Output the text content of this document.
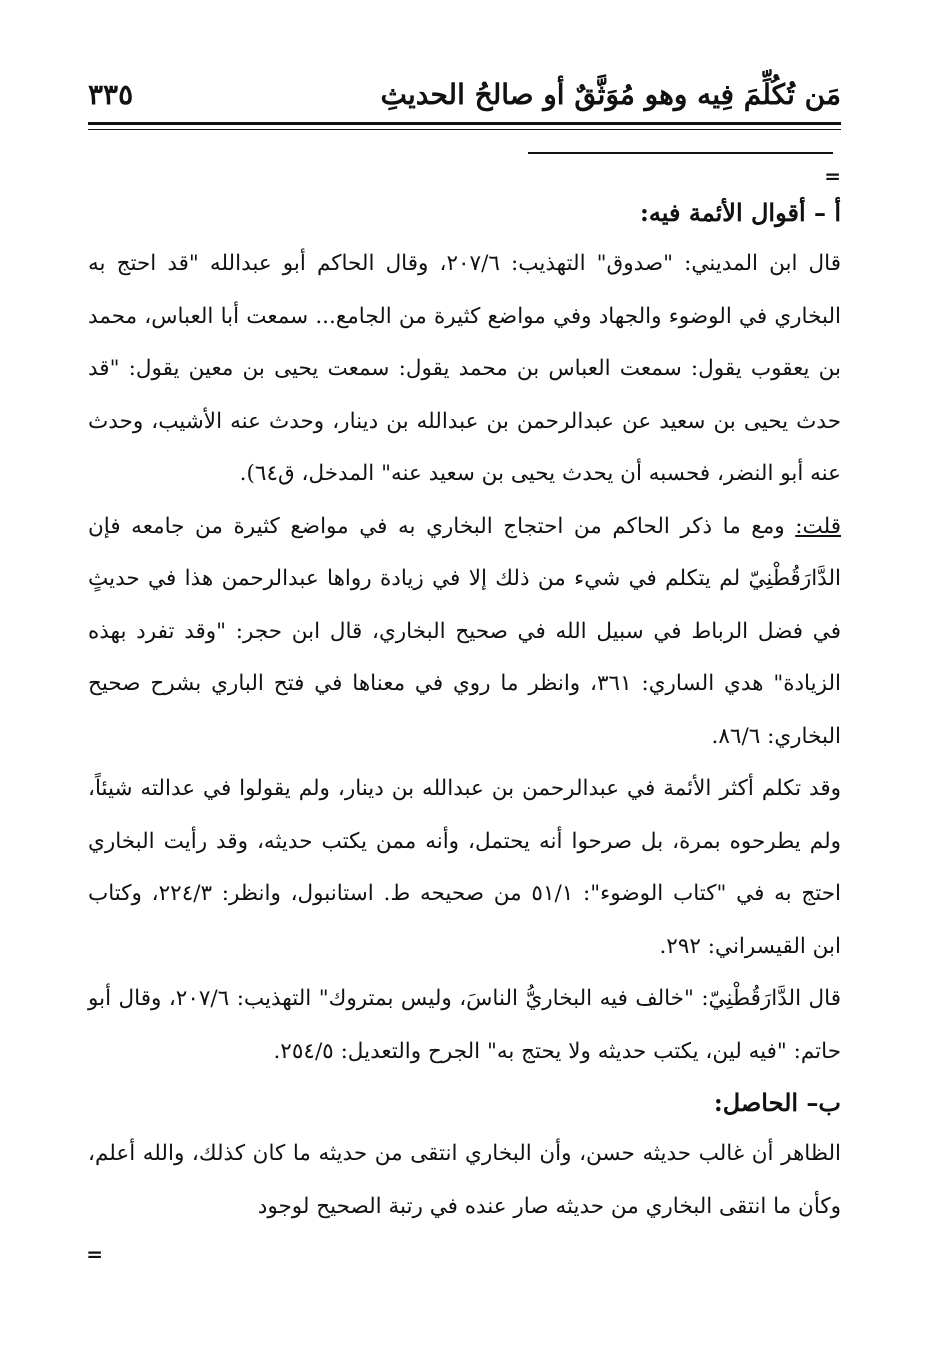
مَن تُكُلِّمَ فِيه وهو مُوَثَّقٌ أو صالحُ الحديثِ
٣٣٥
=
أ – أقوال الأئمة فيه:

قال ابن المديني: "صدوق" التهذيب: ٢٠٧/٦، وقال الحاكم أبو عبدالله "قد احتج به البخاري في الوضوء والجهاد وفي مواضع كثيرة من الجامع... سمعت أبا العباس، محمد بن يعقوب يقول: سمعت العباس بن محمد يقول: سمعت يحيى بن معين يقول: "قد حدث يحيى بن سعيد عن عبدالرحمن بن عبدالله بن دينار، وحدث عنه الأشيب، وحدث عنه أبو النضر، فحسبه أن يحدث يحيى بن سعيد عنه" المدخل، ق٦٤).

قلت: ومع ما ذكر الحاكم من احتجاج البخاري به في مواضع كثيرة من جامعه فإن الدَّارَقُطْنِيّ لم يتكلم في شيء من ذلك إلا في زيادة رواها عبدالرحمن هذا في حديثٍ في فضل الرباط في سبيل الله في صحيح البخاري، قال ابن حجر: "وقد تفرد بهذه الزيادة" هدي الساري: ٣٦١، وانظر ما روي في معناها في فتح الباري بشرح صحيح البخاري: ٨٦/٦.

وقد تكلم أكثر الأئمة في عبدالرحمن بن عبدالله بن دينار، ولم يقولوا في عدالته شيئاً، ولم يطرحوه بمرة، بل صرحوا أنه يحتمل، وأنه ممن يكتب حديثه، وقد رأيت البخاري احتج به في "كتاب الوضوء": ٥١/١ من صحيحه ط. استانبول، وانظر: ٢٢٤/٣، وكتاب ابن القيسراني: ٢٩٢.

قال الدَّارَقُطْنِيّ: "خالف فيه البخاريُّ الناسَ، وليس بمتروك" التهذيب: ٢٠٧/٦، وقال أبو حاتم: "فيه لين، يكتب حديثه ولا يحتج به" الجرح والتعديل: ٢٥٤/٥.

ب– الحاصل:

الظاهر أن غالب حديثه حسن، وأن البخاري انتقى من حديثه ما كان كذلك، والله أعلم، وكأن ما انتقى البخاري من حديثه صار عنده في رتبة الصحيح لوجود

=
